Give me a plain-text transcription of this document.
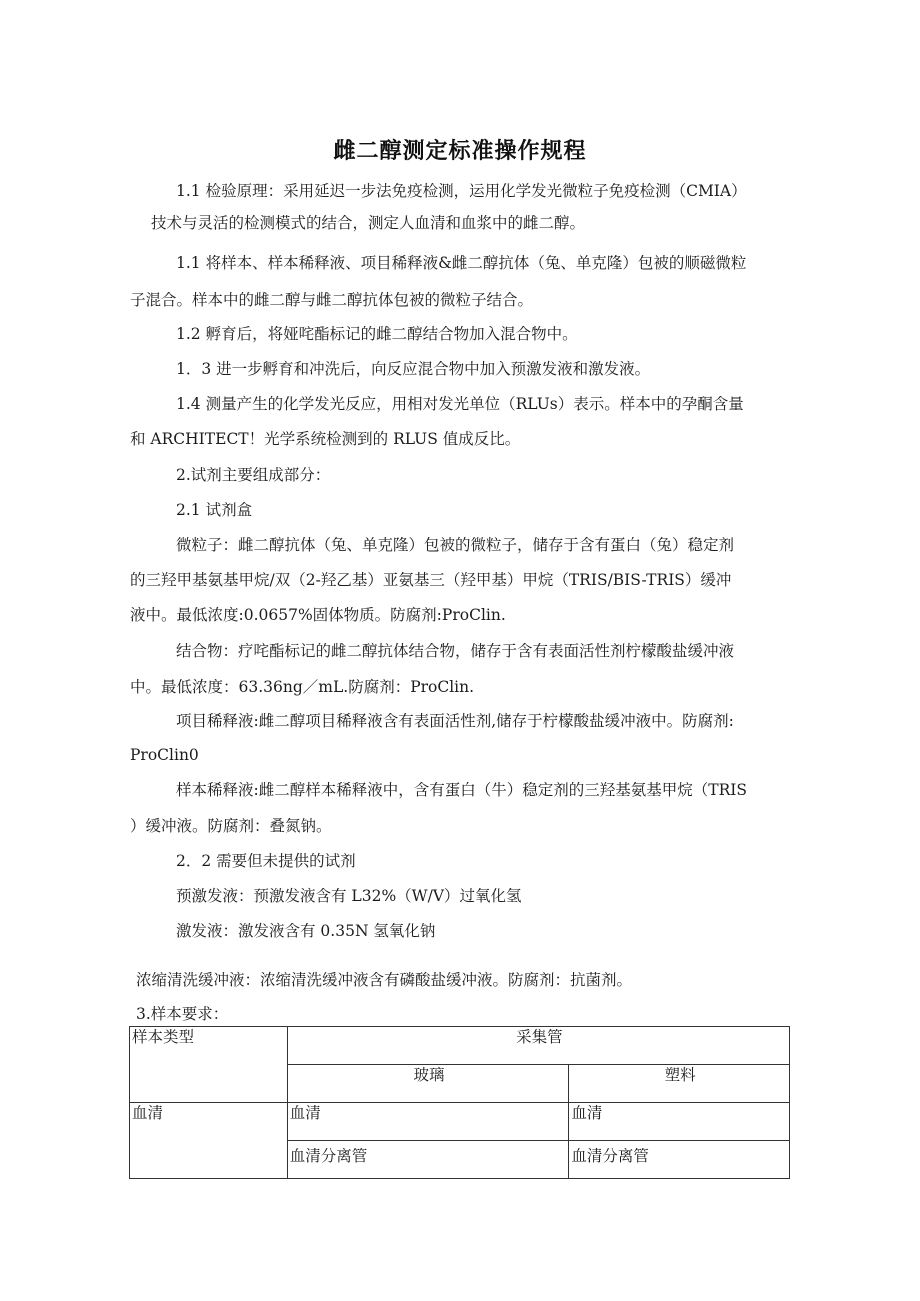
雌二醇测定标准操作规程
1.1 检验原理：采用延迟一步法免疫检测，运用化学发光微粒子免疫检测（CMIA）
技术与灵活的检测模式的结合，测定人血清和血浆中的雌二醇。
1.1 将样本、样本稀释液、项目稀释液&雌二醇抗体（兔、单克隆）包被的顺磁微粒
子混合。样本中的雌二醇与雌二醇抗体包被的微粒子结合。
1.2 孵育后，将娅咤酯标记的雌二醇结合物加入混合物中。
1．3 进一步孵育和冲洗后，向反应混合物中加入预激发液和激发液。
1.4 测量产生的化学发光反应，用相对发光单位（RLUs）表示。样本中的孕酮含量
和 ARCHITECT！光学系统检测到的 RLUS 值成反比。
2.试剂主要组成部分：
2.1 试剂盒
微粒子：雌二醇抗体（兔、单克隆）包被的微粒子，储存于含有蛋白（兔）稳定剂
的三羟甲基氨基甲烷/双（2-羟乙基）亚氨基三（羟甲基）甲烷（TRIS/BIS-TRIS）缓冲
液中。最低浓度:0.0657%固体物质。防腐剂:ProClin.
结合物：疗咤酯标记的雌二醇抗体结合物，储存于含有表面活性剂柠檬酸盐缓冲液
中。最低浓度：63.36ng／mL.防腐剂：ProClin.
项目稀释液:雌二醇项目稀释液含有表面活性剂,储存于柠檬酸盐缓冲液中。防腐剂:
ProClin0
样本稀释液:雌二醇样本稀释液中，含有蛋白（牛）稳定剂的三羟基氨基甲烷（TRIS
）缓冲液。防腐剂：叠氮钠。
2．2 需要但未提供的试剂
预激发液：预激发液含有 L32%（W/V）过氧化氢
激发液：激发液含有 0.35N 氢氧化钠
浓缩清洗缓冲液：浓缩清洗缓冲液含有磷酸盐缓冲液。防腐剂：抗菌剂。
3.样本要求：
样本类型	采集管	
	玻璃	塑料
血清	血清	血清
	血清分离管	血清分离管
